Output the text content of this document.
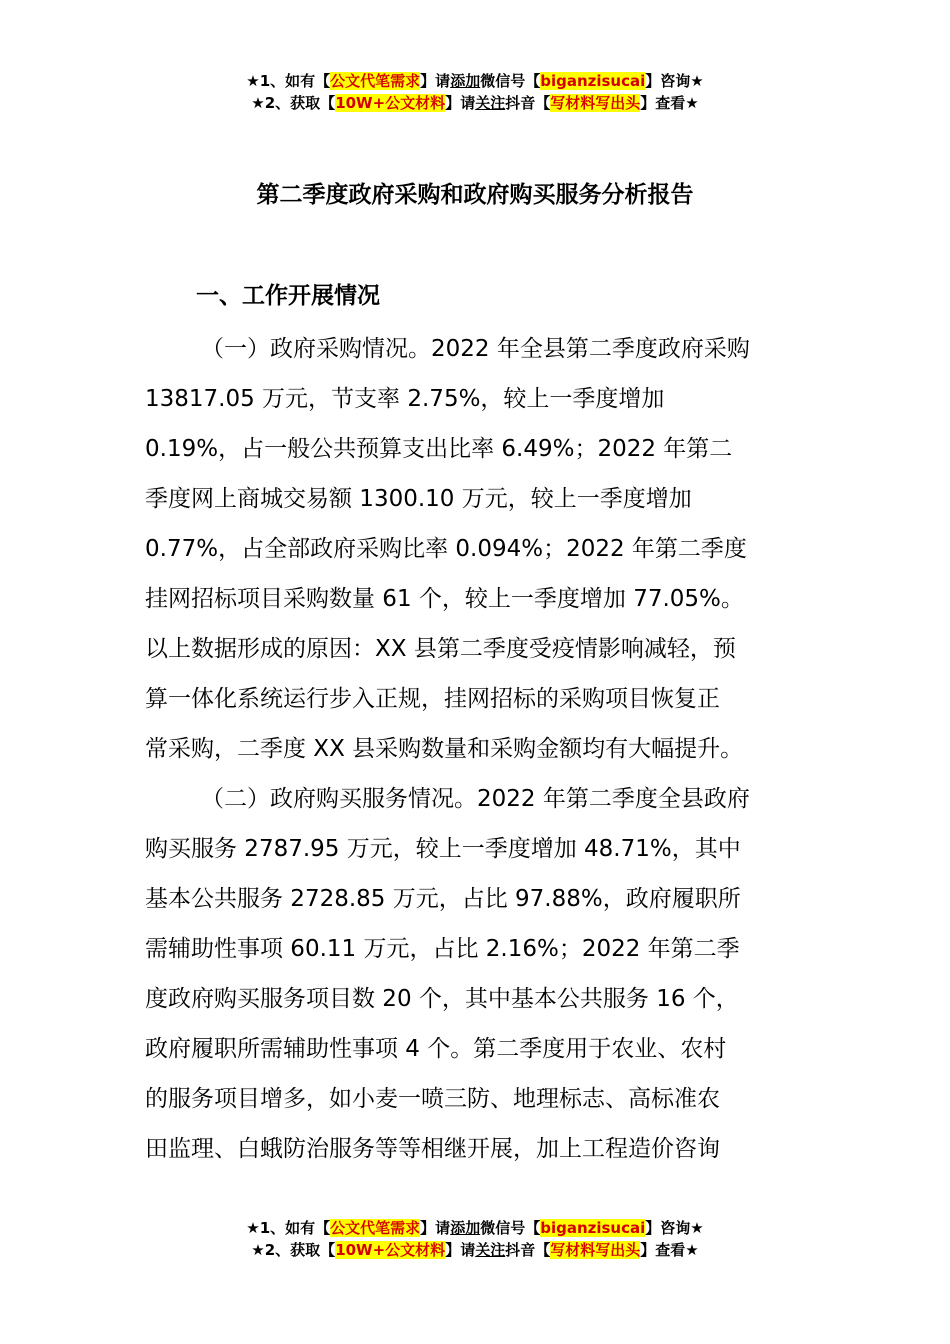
★1、如有【公文代笔需求】请添加微信号【biganzisucai】咨询★
★2、获取【10W+公文材料】请关注抖音【写材料写出头】查看★
第二季度政府采购和政府购买服务分析报告
一、工作开展情况
（一）政府采购情况。2022 年全县第二季度政府采购
13817.05 万元，节支率 2.75%，较上一季度增加
0.19%，占一般公共预算支出比率 6.49%；2022 年第二
季度网上商城交易额 1300.10 万元，较上一季度增加
0.77%，占全部政府采购比率 0.094%；2022 年第二季度
挂网招标项目采购数量 61 个，较上一季度增加 77.05%。
以上数据形成的原因：XX 县第二季度受疫情影响减轻，预
算一体化系统运行步入正规，挂网招标的采购项目恢复正
常采购，二季度 XX 县采购数量和采购金额均有大幅提升。
（二）政府购买服务情况。2022 年第二季度全县政府
购买服务 2787.95 万元，较上一季度增加 48.71%，其中
基本公共服务 2728.85 万元，占比 97.88%，政府履职所
需辅助性事项 60.11 万元，占比 2.16%；2022 年第二季
度政府购买服务项目数 20 个，其中基本公共服务 16 个，
政府履职所需辅助性事项 4 个。第二季度用于农业、农村
的服务项目增多，如小麦一喷三防、地理标志、高标准农
田监理、白蛾防治服务等等相继开展，加上工程造价咨询
★1、如有【公文代笔需求】请添加微信号【biganzisucai】咨询★
★2、获取【10W+公文材料】请关注抖音【写材料写出头】查看★
